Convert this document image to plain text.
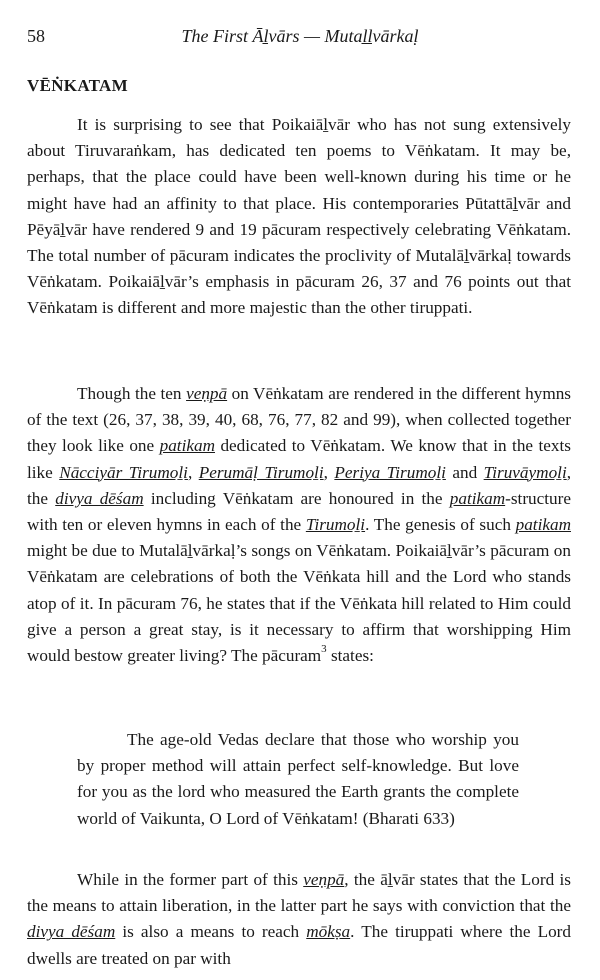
58	The First Āḻvārs — Mutaḻḻvārkaḷ
VĒṄKATAM

It is surprising to see that Poikaiāḻvār who has not sung extensively about Tiruvaraṅkam, has dedicated ten poems to Vēṅkatam. It may be, perhaps, that the place could have been well-known during his time or he might have had an affinity to that place. His contemporaries Pūtattāḻvār and Pēyāḻvār have rendered 9 and 19 pācuram respectively celebrating Vēṅkatam. The total number of pācuram indicates the proclivity of Mutalāḻvārkaḷ towards Vēṅkatam. Poikaiāḻvār’s emphasis in pācuram 26, 37 and 76 points out that Vēṅkatam is different and more majestic than the other tiruppati.

Though the ten veṇpā on Vēṅkatam are rendered in the different hymns of the text (26, 37, 38, 39, 40, 68, 76, 77, 82 and 99), when collected together they look like one patikam dedicated to Vēṅkatam. We know that in the texts like Nācciyār Tirumoḻi, Perumāḷ Tirumoḻi, Periya Tirumoḻi and Tiruvāymoḻi, the divya dēśam including Vēṅkatam are honoured in the patikam-structure with ten or eleven hymns in each of the Tirumoḻi. The genesis of such patikam might be due to Mutalāḻvārkaḷ’s songs on Vēṅkatam. Poikaiāḻvār’s pācuram on Vēṅkatam are celebrations of both the Vēṅkata hill and the Lord who stands atop of it. In pācuram 76, he states that if the Vēṅkata hill related to Him could give a person a great stay, is it necessary to affirm that worshipping Him would bestow greater living? The pācuram$^3$ states:

The age-old Vedas declare that those who worship you by proper method will attain perfect self-knowledge. But love for you as the lord who measured the Earth grants the complete world of Vaikunta, O Lord of Vēṅkatam! (Bharati 633)

While in the former part of this veṇpā, the āḻvār states that the Lord is the means to attain liberation, in the latter part he says with conviction that the divya dēśam is also a means to reach mōkṣa. The tiruppati where the Lord dwells are treated on par with
